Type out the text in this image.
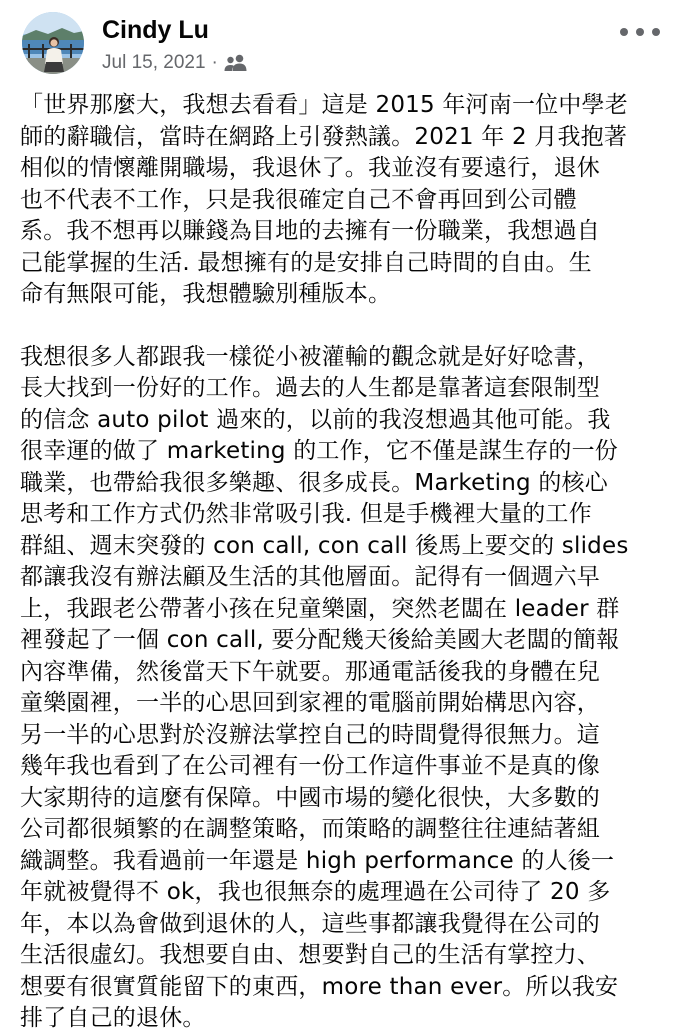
Cindy Lu
Jul 15, 2021 ·

「世界那麼大，我想去看看」這是 2015 年河南一位中學老
師的辭職信，當時在網路上引發熱議。2021 年 2 月我抱著
相似的情懷離開職場，我退休了。我並沒有要遠行，退休
也不代表不工作，只是我很確定自己不會再回到公司體
系。我不想再以賺錢為目地的去擁有一份職業，我想過自
己能掌握的生活. 最想擁有的是安排自己時間的自由。生
命有無限可能，我想體驗別種版本。

我想很多人都跟我一樣從小被灌輸的觀念就是好好唸書，
長大找到一份好的工作。過去的人生都是靠著這套限制型
的信念 auto pilot 過來的，以前的我沒想過其他可能。我
很幸運的做了 marketing 的工作，它不僅是謀生存的一份
職業，也帶給我很多樂趣、很多成長。Marketing 的核心
思考和工作方式仍然非常吸引我. 但是手機裡大量的工作
群組、週末突發的 con call, con call 後馬上要交的 slides
都讓我沒有辦法顧及生活的其他層面。記得有一個週六早
上，我跟老公帶著小孩在兒童樂園，突然老闆在 leader 群
裡發起了一個 con call, 要分配幾天後給美國大老闆的簡報
內容準備，然後當天下午就要。那通電話後我的身體在兒
童樂園裡，一半的心思回到家裡的電腦前開始構思內容，
另一半的心思對於沒辦法掌控自己的時間覺得很無力。這
幾年我也看到了在公司裡有一份工作這件事並不是真的像
大家期待的這麼有保障。中國市場的變化很快，大多數的
公司都很頻繁的在調整策略，而策略的調整往往連結著組
織調整。我看過前一年還是 high performance 的人後一
年就被覺得不 ok，我也很無奈的處理過在公司待了 20 多
年，本以為會做到退休的人，這些事都讓我覺得在公司的
生活很虛幻。我想要自由、想要對自己的生活有掌控力、
想要有很實質能留下的東西，more than ever。所以我安
排了自己的退休。
